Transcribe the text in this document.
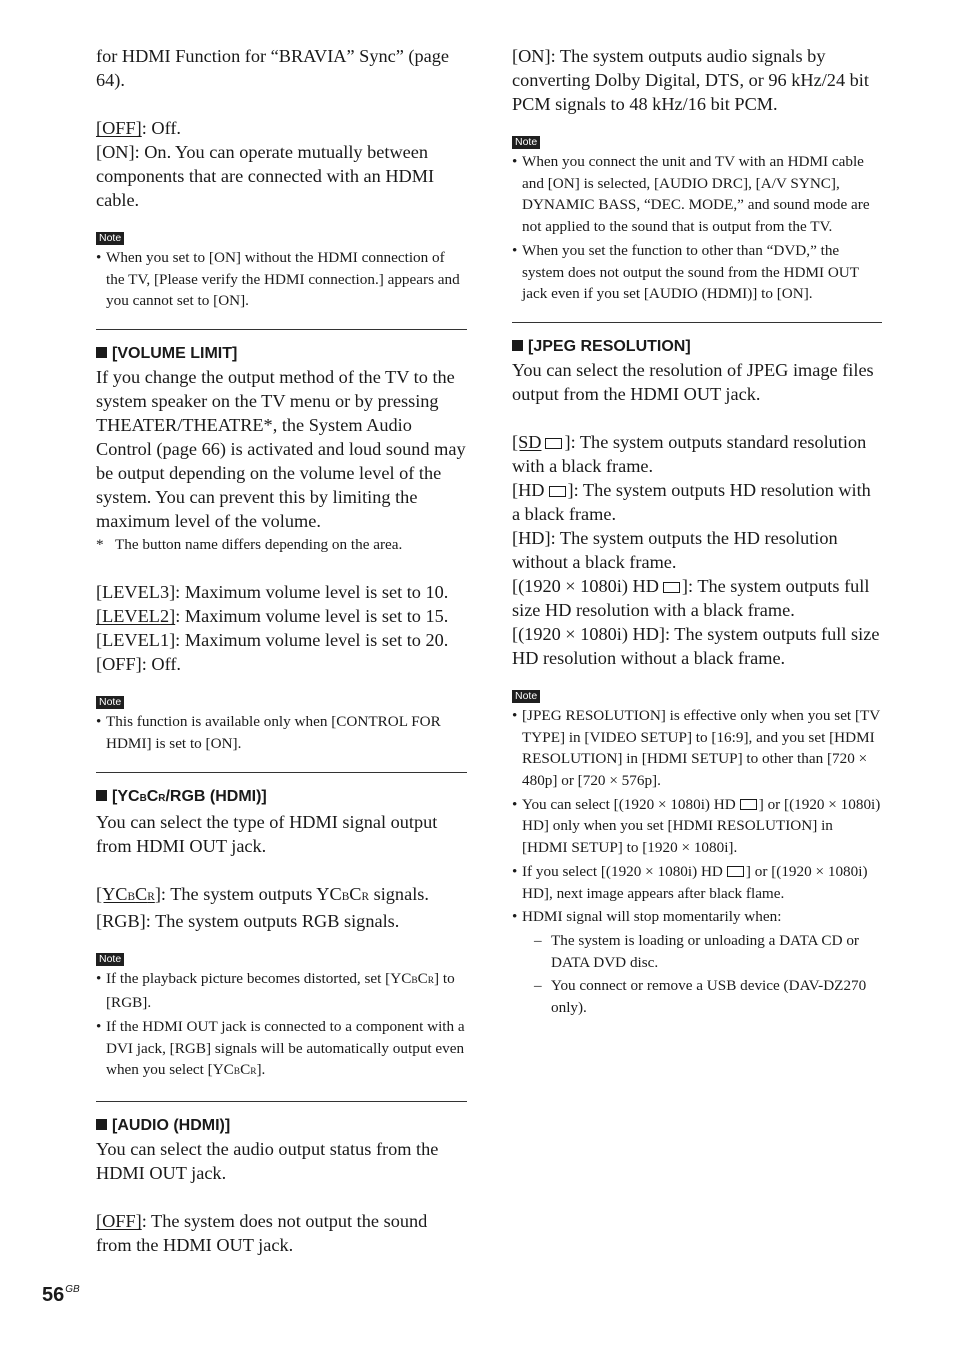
for HDMI Function for “BRAVIA” Sync” (page 64).

[OFF]: Off.

[ON]: On. You can operate mutually between components that are connected with an HDMI cable.

Note
• When you set to [ON] without the HDMI connection of the TV, [Please verify the HDMI connection.] appears and you cannot set to [ON].

[VOLUME LIMIT]

If you change the output method of the TV to the system speaker on the TV menu or by pressing THEATER/THEATRE*, the System Audio Control (page 66) is activated and loud sound may be output depending on the volume level of the system. You can prevent this by limiting the maximum level of the volume.

* The button name differs depending on the area.

[LEVEL3]: Maximum volume level is set to 10.

[LEVEL2]: Maximum volume level is set to 15.

[LEVEL1]: Maximum volume level is set to 20.

[OFF]: Off.

Note
• This function is available only when [CONTROL FOR HDMI] is set to [ON].

[YCBCR/RGB (HDMI)]

You can select the type of HDMI signal output from HDMI OUT jack.

[YCBCR]: The system outputs YCBCR signals.

[RGB]: The system outputs RGB signals.

Note
• If the playback picture becomes distorted, set [YCBCR] to [RGB].
• If the HDMI OUT jack is connected to a component with a DVI jack, [RGB] signals will be automatically output even when you select [YCBCR].

[AUDIO (HDMI)]

You can select the audio output status from the HDMI OUT jack.

[OFF]: The system does not output the sound from the HDMI OUT jack.

[ON]: The system outputs audio signals by converting Dolby Digital, DTS, or 96 kHz/24 bit PCM signals to 48 kHz/16 bit PCM.

Note
• When you connect the unit and TV with an HDMI cable and [ON] is selected, [AUDIO DRC], [A/V SYNC], DYNAMIC BASS, “DEC. MODE,” and sound mode are not applied to the sound that is output from the TV.
• When you set the function to other than “DVD,” the system does not output the sound from the HDMI OUT jack even if you set [AUDIO (HDMI)] to [ON].

[JPEG RESOLUTION]

You can select the resolution of JPEG image files output from the HDMI OUT jack.

[SD ]: The system outputs standard resolution with a black frame.

[HD ]: The system outputs HD resolution with a black frame.

[HD]: The system outputs the HD resolution without a black frame.

[(1920 × 1080i) HD ]: The system outputs full size HD resolution with a black frame.

[(1920 × 1080i) HD]: The system outputs full size HD resolution without a black frame.

Note
• [JPEG RESOLUTION] is effective only when you set [TV TYPE] in [VIDEO SETUP] to [16:9], and you set [HDMI RESOLUTION] in [HDMI SETUP] to other than [720 × 480p] or [720 × 576p].
• You can select [(1920 × 1080i) HD ] or [(1920 × 1080i) HD] only when you set [HDMI RESOLUTION] in [HDMI SETUP] to [1920 × 1080i].
• If you select [(1920 × 1080i) HD ] or [(1920 × 1080i) HD], next image appears after black flame.
• HDMI signal will stop momentarily when:
– The system is loading or unloading a DATA CD or DATA DVD disc.
– You connect or remove a USB device (DAV-DZ270 only).
$56^{GB}$
